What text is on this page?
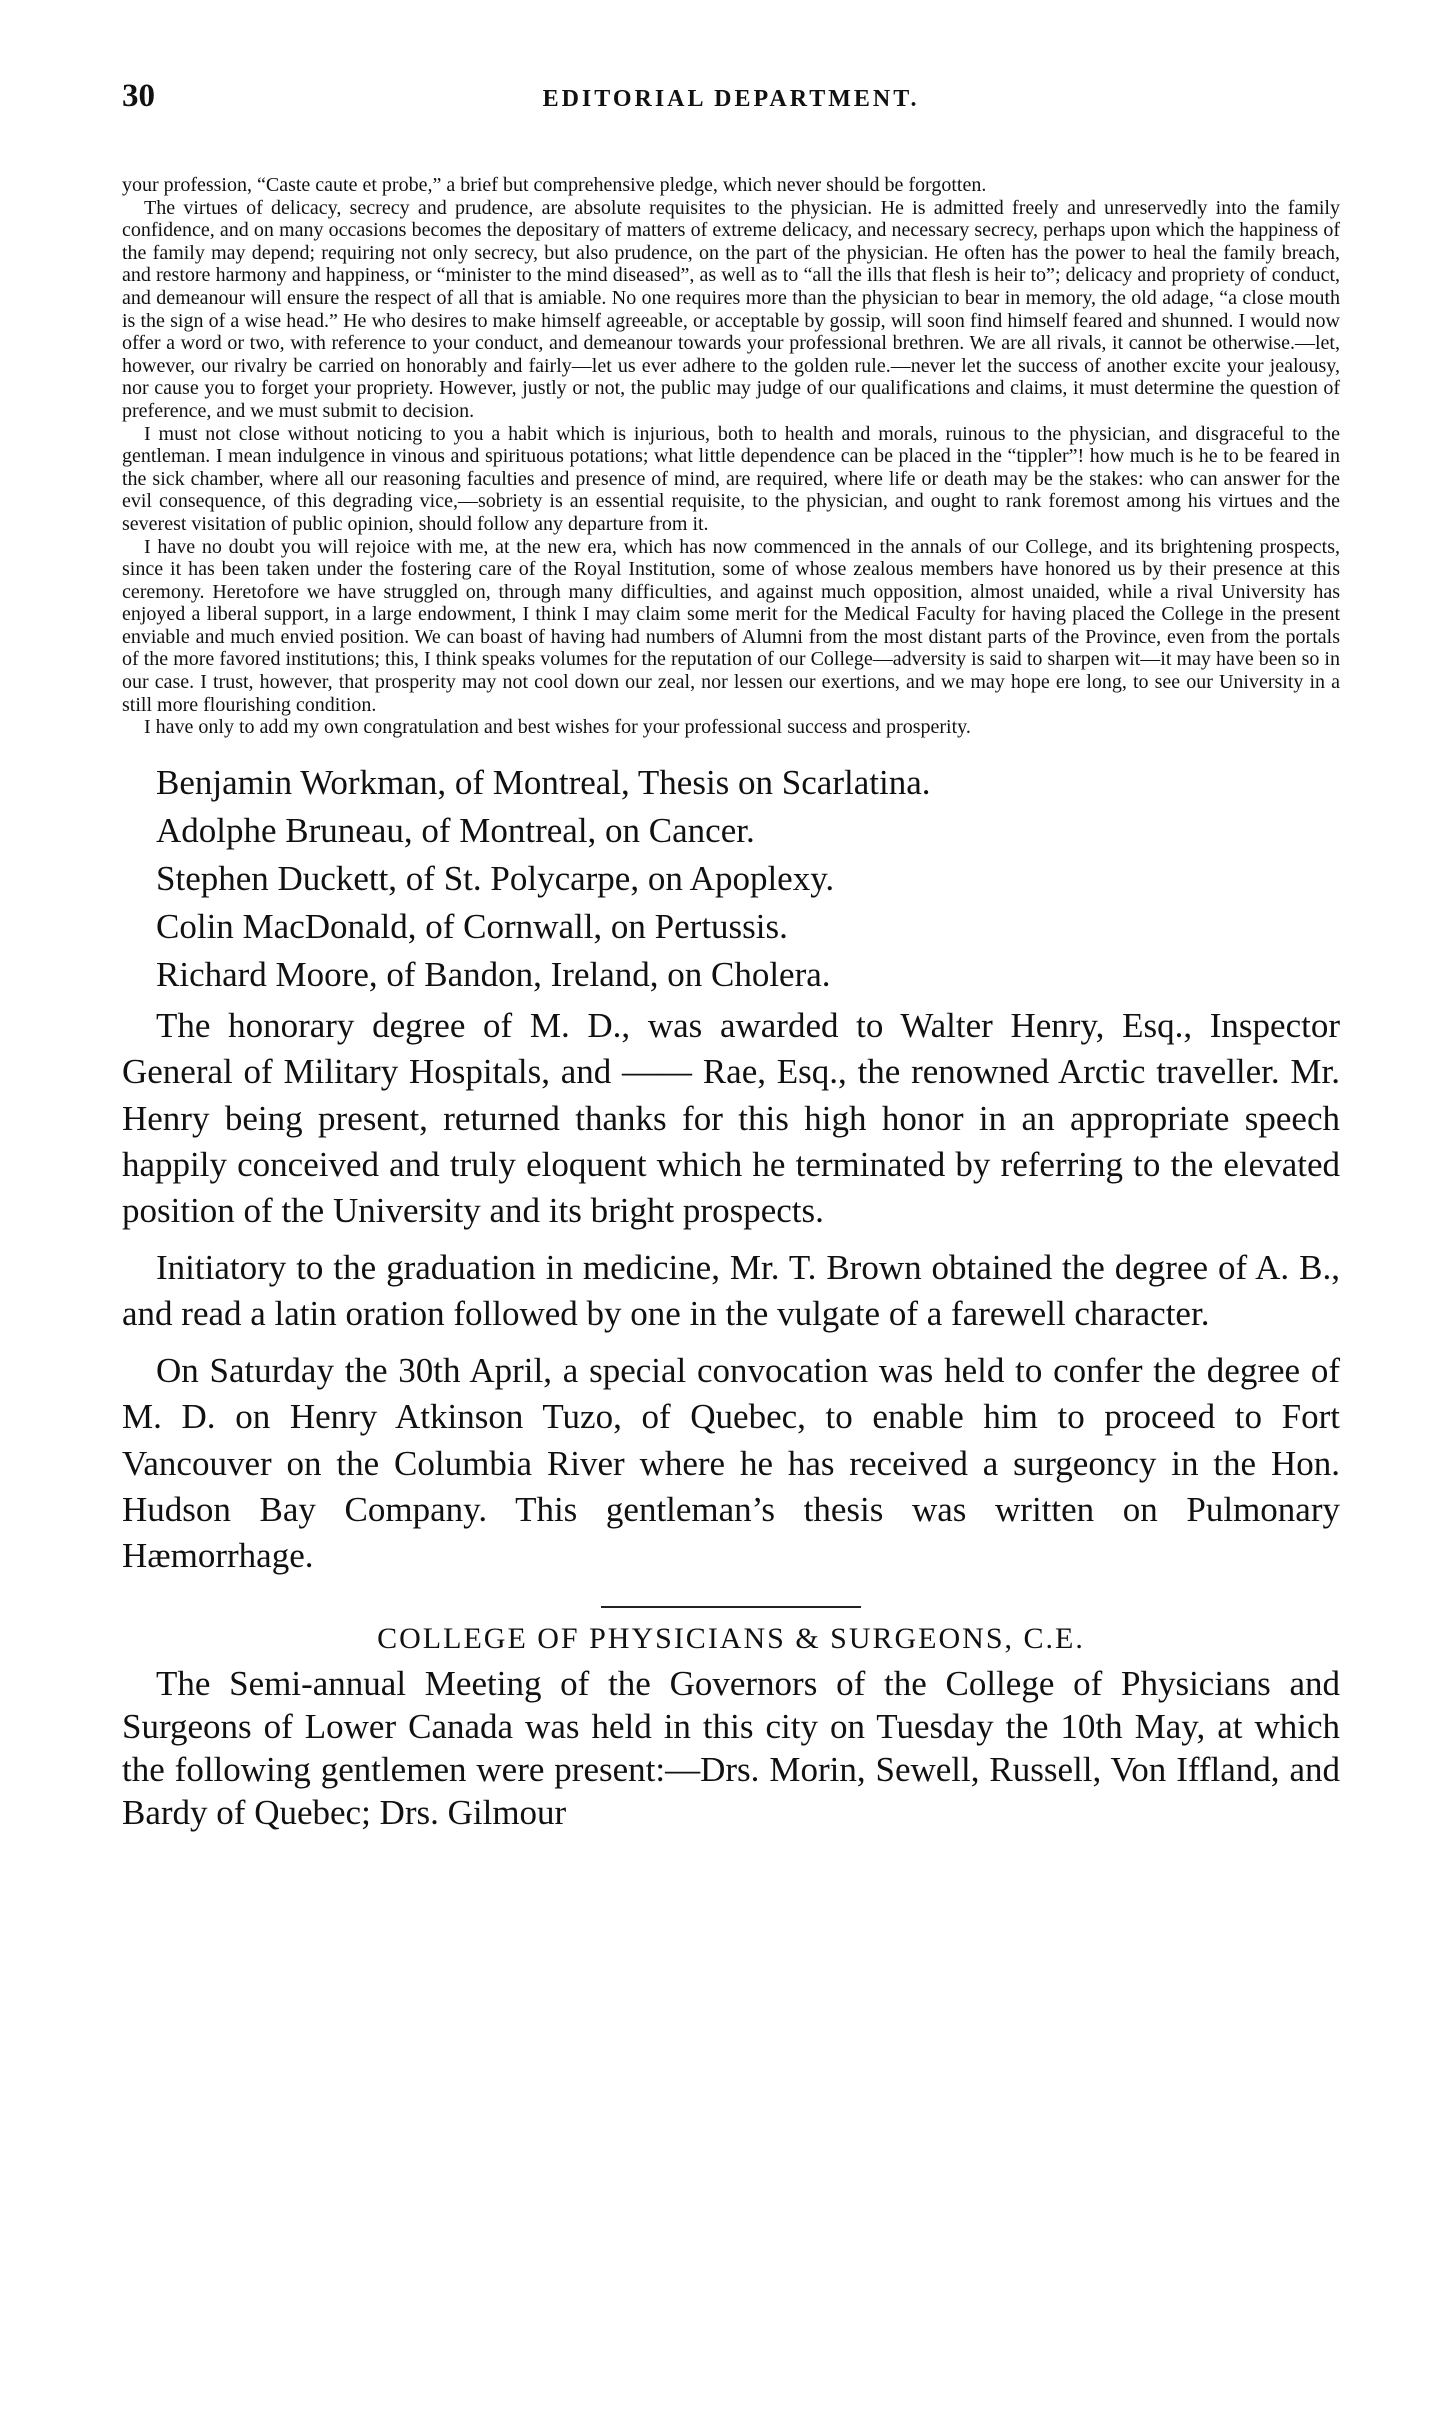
30	EDITORIAL DEPARTMENT.

your profession, “Caste caute et probe,” a brief but comprehensive pledge, which never should be forgotten.

The virtues of delicacy, secrecy and prudence, are absolute requisites to the physician. He is admitted freely and unreservedly into the family confidence, and on many occasions becomes the depositary of matters of extreme delicacy, and necessary secrecy, perhaps upon which the happiness of the family may depend; requiring not only secrecy, but also prudence, on the part of the physician. He often has the power to heal the family breach, and restore harmony and happiness, or “minister to the mind diseased”, as well as to “all the ills that flesh is heir to”; delicacy and propriety of conduct, and demeanour will ensure the respect of all that is amiable. No one requires more than the physician to bear in memory, the old adage, “a close mouth is the sign of a wise head.” He who desires to make himself agreeable, or acceptable by gossip, will soon find himself feared and shunned. I would now offer a word or two, with reference to your conduct, and demeanour towards your professional brethren. We are all rivals, it cannot be otherwise.—let, however, our rivalry be carried on honorably and fairly—let us ever adhere to the golden rule.—never let the success of another excite your jealousy, nor cause you to forget your propriety. However, justly or not, the public may judge of our qualifications and claims, it must determine the question of preference, and we must submit to decision.

I must not close without noticing to you a habit which is injurious, both to health and morals, ruinous to the physician, and disgraceful to the gentleman. I mean indulgence in vinous and spirituous potations; what little dependence can be placed in the “tippler”! how much is he to be feared in the sick chamber, where all our reasoning faculties and presence of mind, are required, where life or death may be the stakes: who can answer for the evil consequence, of this degrading vice,—sobriety is an essential requisite, to the physician, and ought to rank foremost among his virtues and the severest visitation of public opinion, should follow any departure from it.

I have no doubt you will rejoice with me, at the new era, which has now commenced in the annals of our College, and its brightening prospects, since it has been taken under the fostering care of the Royal Institution, some of whose zealous members have honored us by their presence at this ceremony. Heretofore we have struggled on, through many difficulties, and against much opposition, almost unaided, while a rival University has enjoyed a liberal support, in a large endowment, I think I may claim some merit for the Medical Faculty for having placed the College in the present enviable and much envied position. We can boast of having had numbers of Alumni from the most distant parts of the Province, even from the portals of the more favored institutions; this, I think speaks volumes for the reputation of our College—adversity is said to sharpen wit—it may have been so in our case. I trust, however, that prosperity may not cool down our zeal, nor lessen our exertions, and we may hope ere long, to see our University in a still more flourishing condition.

I have only to add my own congratulation and best wishes for your professional success and prosperity.

Benjamin Workman, of Montreal, Thesis on Scarlatina.
Adolphe Bruneau, of Montreal, on Cancer.
Stephen Duckett, of St. Polycarpe, on Apoplexy.
Colin MacDonald, of Cornwall, on Pertussis.
Richard Moore, of Bandon, Ireland, on Cholera.

The honorary degree of M. D., was awarded to Walter Henry, Esq., Inspector General of Military Hospitals, and —— Rae, Esq., the renowned Arctic traveller. Mr. Henry being present, returned thanks for this high honor in an appropriate speech happily conceived and truly eloquent which he terminated by referring to the elevated position of the University and its bright prospects.

Initiatory to the graduation in medicine, Mr. T. Brown obtained the degree of A. B., and read a latin oration followed by one in the vulgate of a farewell character.

On Saturday the 30th April, a special convocation was held to confer the degree of M. D. on Henry Atkinson Tuzo, of Quebec, to enable him to proceed to Fort Vancouver on the Columbia River where he has received a surgeoncy in the Hon. Hudson Bay Company. This gentleman’s thesis was written on Pulmonary Hæmorrhage.

COLLEGE OF PHYSICIANS & SURGEONS, C.E.

The Semi-annual Meeting of the Governors of the College of Physicians and Surgeons of Lower Canada was held in this city on Tuesday the 10th May, at which the following gentlemen were present:—Drs. Morin, Sewell, Russell, Von Iffland, and Bardy of Quebec; Drs. Gilmour
